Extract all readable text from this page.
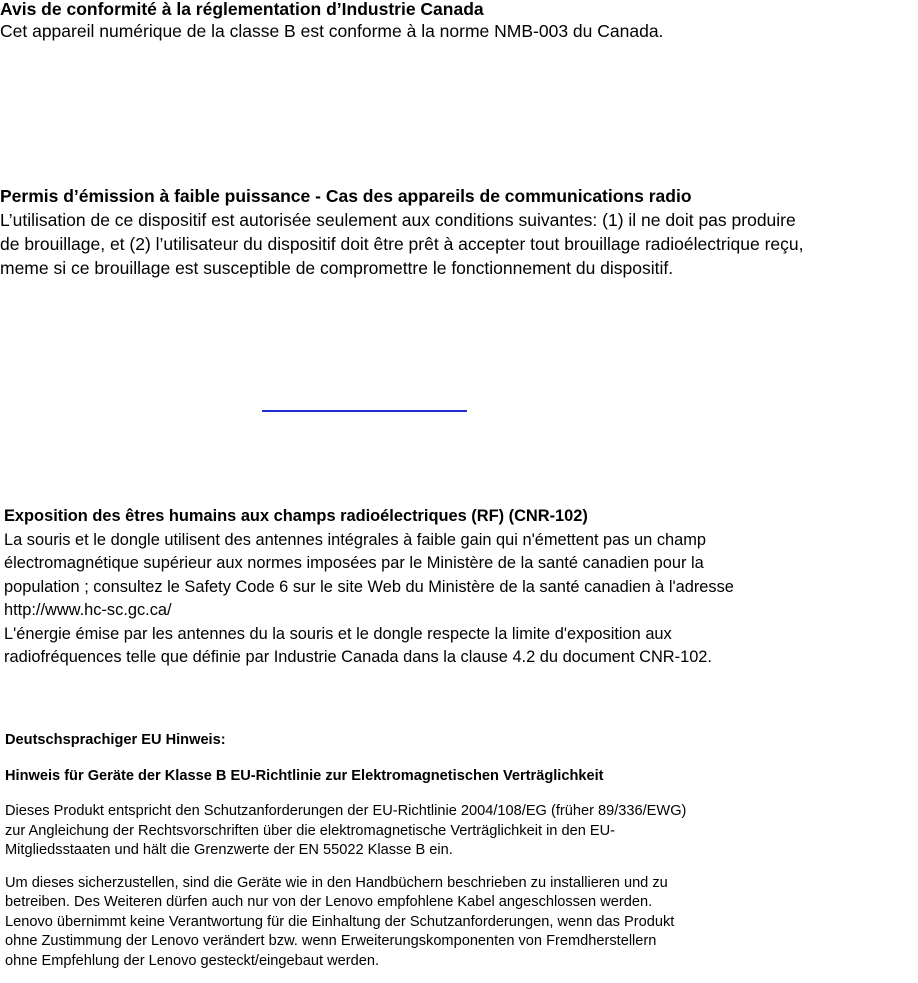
Avis de conformité à la réglementation d’Industrie Canada
Cet appareil numérique de la classe B est conforme à la norme NMB-003 du Canada.
Permis d’émission à faible puissance - Cas des appareils de communications radio
L’utilisation de ce dispositif est autorisée seulement aux conditions suivantes: (1) il ne doit pas produire
de brouillage, et (2) l’utilisateur du dispositif doit être prêt à accepter tout brouillage radioélectrique reçu,
meme si ce brouillage est susceptible de compromettre le fonctionnement du dispositif.
Exposition des êtres humains aux champs radioélectriques (RF) (CNR-102)
La souris et le dongle utilisent des antennes intégrales à faible gain qui n'émettent pas un champ
électromagnétique supérieur aux normes imposées par le Ministère de la santé canadien pour la
population ; consultez le Safety Code 6 sur le site Web du Ministère de la santé canadien à l'adresse
http://www.hc-sc.gc.ca/
L'énergie émise par les antennes du la souris et le dongle respecte la limite d'exposition aux
radiofréquences telle que définie par Industrie Canada dans la clause 4.2 du document CNR-102.
Deutschsprachiger EU Hinweis:
Hinweis für Geräte der Klasse B EU-Richtlinie zur Elektromagnetischen Verträglichkeit
Dieses Produkt entspricht den Schutzanforderungen der EU-Richtlinie 2004/108/EG (früher 89/336/EWG)
zur Angleichung der Rechtsvorschriften über die elektromagnetische Verträglichkeit in den EU-
Mitgliedsstaaten und hält die Grenzwerte der EN 55022 Klasse B ein.
Um dieses sicherzustellen, sind die Geräte wie in den Handbüchern beschrieben zu installieren und zu
betreiben. Des Weiteren dürfen auch nur von der Lenovo empfohlene Kabel angeschlossen werden.
Lenovo übernimmt keine Verantwortung für die Einhaltung der Schutzanforderungen, wenn das Produkt
ohne Zustimmung der Lenovo verändert bzw. wenn Erweiterungskomponenten von Fremdherstellern
ohne Empfehlung der Lenovo gesteckt/eingebaut werden.
